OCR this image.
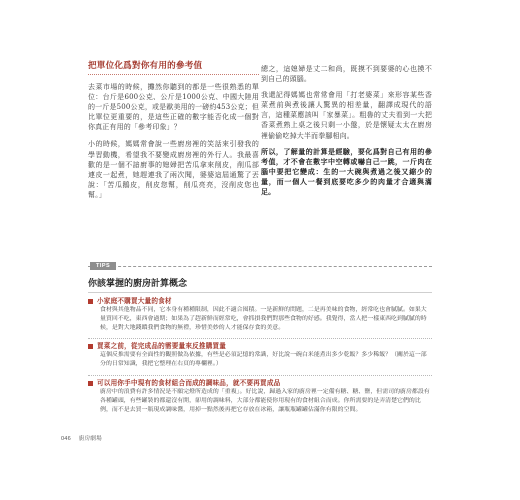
把單位化爲對你有用的參考值

去菜市場的時候，攤然你聽到的都是一些很熟悉的單位：台斤是600公克、公斤是1000公克、中國大陸用的一斤是500公克，或是歐美用的一磅約453公克；但比單位更重要的，是這些正確的數字能否化成一個對你真正有用的「參考印象」？

小的時候，媽媽常會說一些廚房裡的笑話來引發我的學習動機，希望我不要變成廚房裡的外行人。我最喜歡的是一個不諳廚事的媳婦把苦瓜拿來削皮，削瓜部連皮一起煮，她趕連我了兩次聞，婆婆這屆通驚了丟說：「苦瓜鵝皮，削皮您幫，削瓜亮亮，沒削皮您也幫。」

總之，這媳婦是丈二和尚，既摸不到要婆的心也摸不到自己的頭腦。

我還記得媽媽也常常會用「打老婆菜」來形容某些香菜煮前與煮後讓人驚異的相差量，翻譯成現代的語言，這種菜應該叫「家暴菜」。粗魯的丈夫看到一大把香菜煮熟上桌之後只剩一小盤，於是懷疑太太在廚房裡偷偷吃掉大半而拳腳相向。

所以，了解量的計算是經驗，要化爲對自己有用的參考值，才不會在數字中空轉或嚇自己一跳，一斤肉在腦中要把它變成：生的一大碗與煮過之後又縮少的量，而一個人一餐到底要吃多少的肉量才合適與滿足。

TIPS
你該掌握的廚房計算概念
小家庭不購買大量的食材
食材與其他物品不同，它本身有種種限制，因此不適合囤積。一是新鮮的問題，二是再美味的食物，經常吃也會膩膩。如果大量買回不吃，東西會過期；如果為了趕新鮮而經常吃，會抓損我們對那些食物的好感。我覺得，當人把一樣東西吃到膩膩的時候，是對大地錢饋我們食物的無禮，珍惜美妙的人才能保存食的美意。
買菜之前，從完成品的需要量來反推購買量
這個反推需要有全面性的觀照做為依據，有些是必須記憶的常識，好比說一碗白米能煮出多少乾飯？多少稀飯？（關於這一部分的日常知識，我把它整理在右頁的專欄裡。）
可以用你手中現有的食材組合而成的調味品，就不要再買成品
廚房中的浪費有許多情況是不願完燈所造成的「重複」。好比說，歸過入家的廚房裡一定備有糖、糖、鹽，但需司的廚房都設有各種罐頭，有些罐裝的都還沒有開，卻用的調味料，大部分都能使你用現有的食材組合而成。你所需要的是弄清楚它們的比例，而不是去買一瓶現成調味醬，用掉一點然後再把它存放在冰箱，讓瓶瓶罐罐佔滿你有限的空間。
046 廚房劇場
